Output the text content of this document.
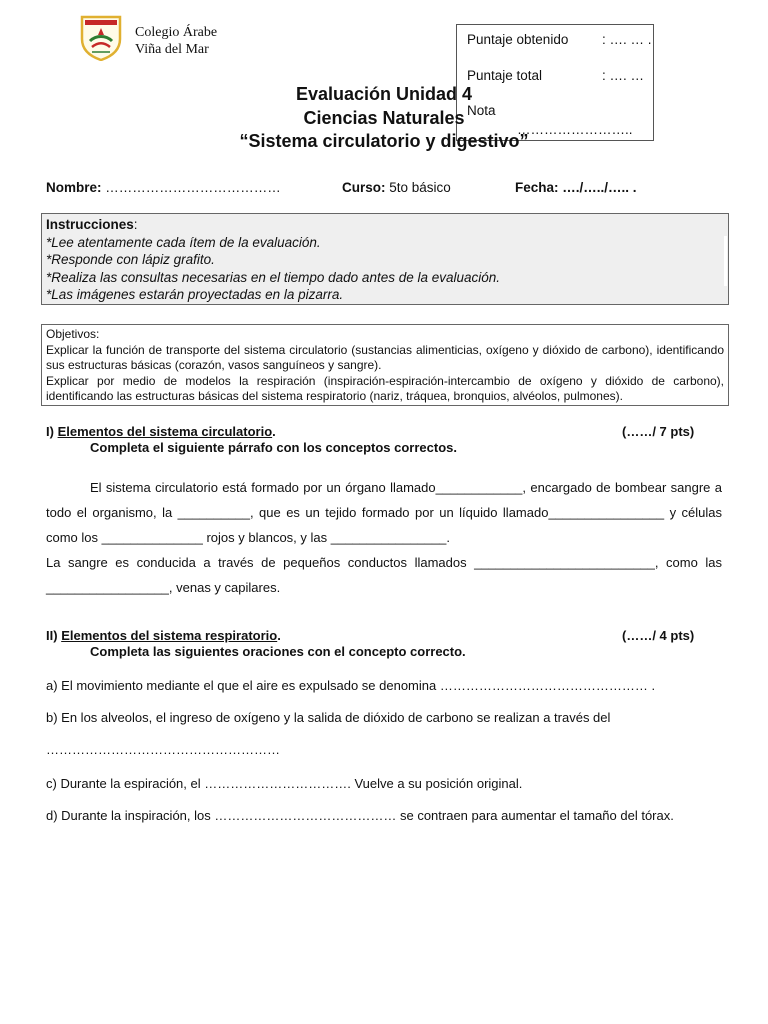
Colegio Árabe
Viña del Mar
Puntaje obtenido : …. … .
Puntaje total	: …. …
Nota
……………………..
Evaluación Unidad 4
Ciencias Naturales
“Sistema circulatorio y digestivo”
Nombre: …………………………………	Curso: 5to básico	Fecha: …./…../….. .
Instrucciones:
*Lee atentamente cada ítem de la evaluación.
*Responde con lápiz grafito.
*Realiza las consultas necesarias en el tiempo dado antes de la evaluación.
*Las imágenes estarán proyectadas en la pizarra.
Objetivos:
Explicar la función de transporte del sistema circulatorio (sustancias alimenticias, oxígeno y dióxido de carbono), identificando sus estructuras básicas (corazón, vasos sanguíneos y sangre).
Explicar por medio de modelos la respiración (inspiración-espiración-intercambio de oxígeno y dióxido de carbono), identificando las estructuras básicas del sistema respiratorio (nariz, tráquea, bronquios, alvéolos, pulmones).
I) Elementos del sistema circulatorio.	(……/ 7 pts)
Completa el siguiente párrafo con los conceptos correctos.

El sistema circulatorio está formado por un órgano llamado____________, encargado de bombear sangre a todo el organismo, la __________, que es un tejido formado por un líquido llamado________________ y células como los ______________ rojos y blancos, y las ________________.

La sangre es conducida a través de pequeños conductos llamados _________________________, como las _________________, venas y capilares.

II) Elementos del sistema respiratorio.	(……/ 4 pts)
Completa las siguientes oraciones con el concepto correcto.
a) El movimiento mediante el que el aire es expulsado se denomina ………………………………………… .
b) En los alveolos, el ingreso de oxígeno y la salida de dióxido de carbono se realizan a través del
………………………………………………
c) Durante la espiración, el ……………………………. Vuelve a su posición original.
d) Durante la inspiración, los …………………………………… se contraen para aumentar el tamaño del tórax.
